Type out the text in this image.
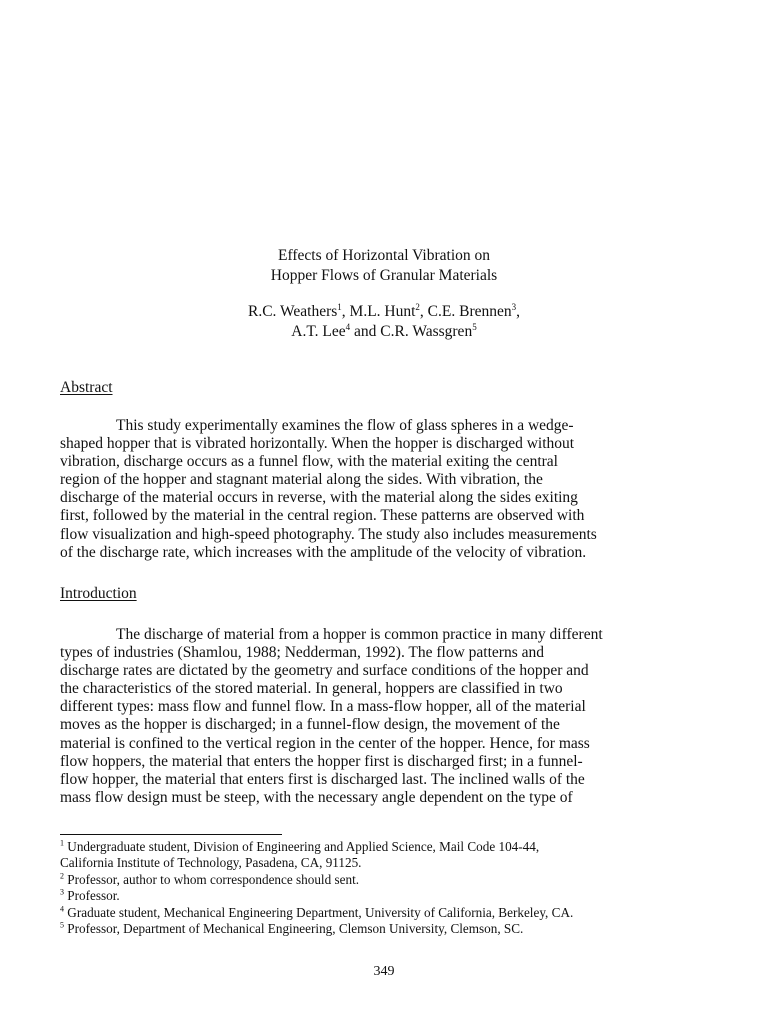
Effects of Horizontal Vibration on
Hopper Flows of Granular Materials
R.C. Weathers$^1$, M.L. Hunt$^2$, C.E. Brennen$^3$,
A.T. Lee$^4$ and C.R. Wassgren$^5$
Abstract
This study experimentally examines the flow of glass spheres in a wedge-
shaped hopper that is vibrated horizontally. When the hopper is discharged without
vibration, discharge occurs as a funnel flow, with the material exiting the central
region of the hopper and stagnant material along the sides. With vibration, the
discharge of the material occurs in reverse, with the material along the sides exiting
first, followed by the material in the central region. These patterns are observed with
flow visualization and high-speed photography. The study also includes measurements
of the discharge rate, which increases with the amplitude of the velocity of vibration.
Introduction
The discharge of material from a hopper is common practice in many different
types of industries (Shamlou, 1988; Nedderman, 1992). The flow patterns and
discharge rates are dictated by the geometry and surface conditions of the hopper and
the characteristics of the stored material. In general, hoppers are classified in two
different types: mass flow and funnel flow. In a mass-flow hopper, all of the material
moves as the hopper is discharged; in a funnel-flow design, the movement of the
material is confined to the vertical region in the center of the hopper. Hence, for mass
flow hoppers, the material that enters the hopper first is discharged first; in a funnel-
flow hopper, the material that enters first is discharged last. The inclined walls of the
mass flow design must be steep, with the necessary angle dependent on the type of
$^1$ Undergraduate student, Division of Engineering and Applied Science, Mail Code 104-44,
California Institute of Technology, Pasadena, CA, 91125.
$^2$ Professor, author to whom correspondence should sent.
$^3$ Professor.
$^4$ Graduate student, Mechanical Engineering Department, University of California, Berkeley, CA.
$^5$ Professor, Department of Mechanical Engineering, Clemson University, Clemson, SC.
349
